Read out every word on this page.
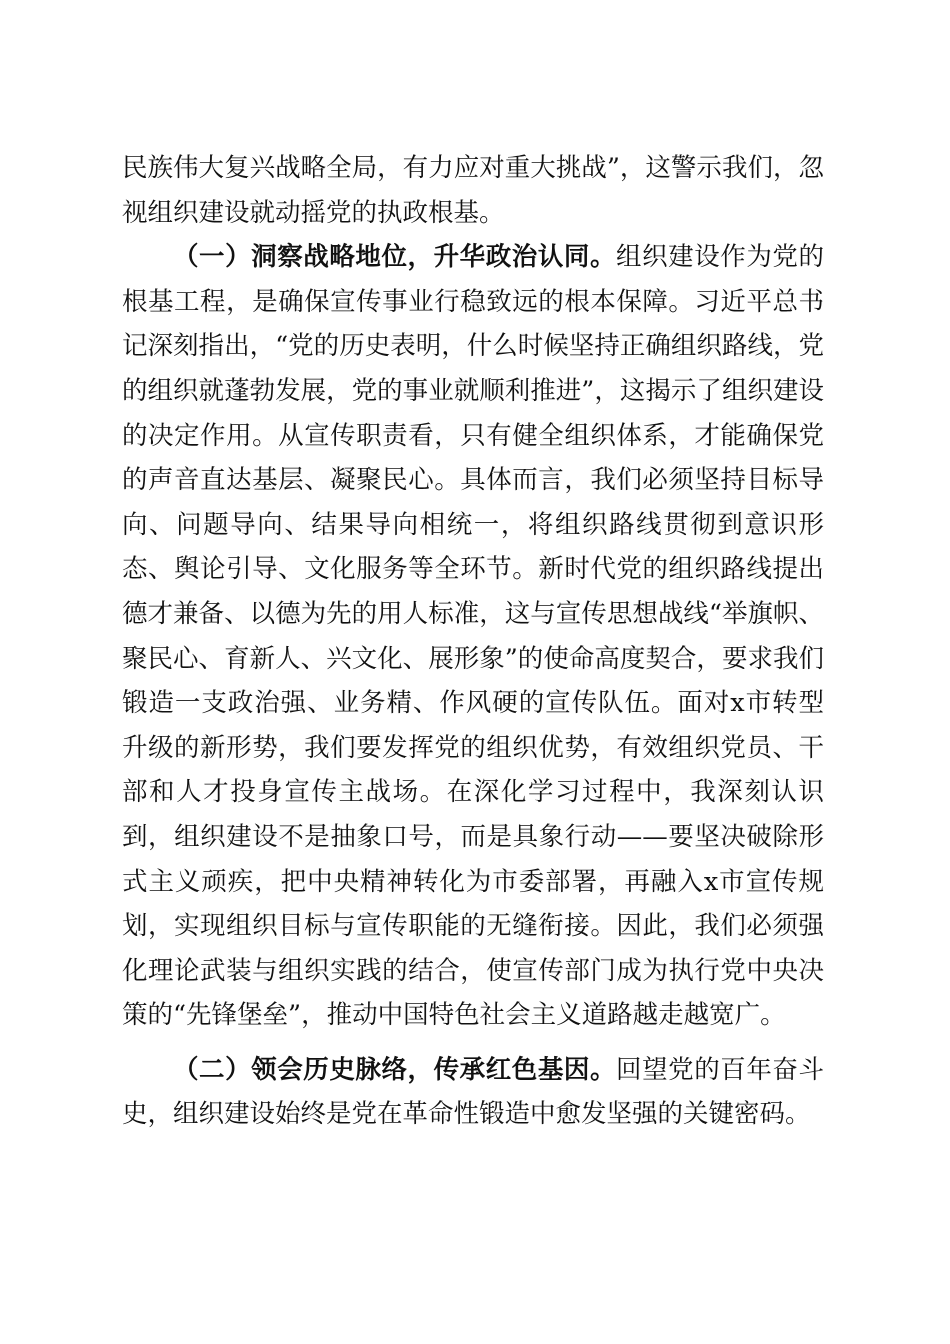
民族伟大复兴战略全局，有力应对重大挑战”，这警示我们，忽视组织建设就动摇党的执政根基。

（一）洞察战略地位，升华政治认同。组织建设作为党的根基工程，是确保宣传事业行稳致远的根本保障。习近平总书记深刻指出，“党的历史表明，什么时候坚持正确组织路线，党的组织就蓬勃发展，党的事业就顺利推进”，这揭示了组织建设的决定作用。从宣传职责看，只有健全组织体系，才能确保党的声音直达基层、凝聚民心。具体而言，我们必须坚持目标导向、问题导向、结果导向相统一，将组织路线贯彻到意识形态、舆论引导、文化服务等全环节。新时代党的组织路线提出德才兼备、以德为先的用人标准，这与宣传思想战线“举旗帜、聚民心、育新人、兴文化、展形象”的使命高度契合，要求我们锻造一支政治强、业务精、作风硬的宣传队伍。面对x市转型升级的新形势，我们要发挥党的组织优势，有效组织党员、干部和人才投身宣传主战场。在深化学习过程中，我深刻认识到，组织建设不是抽象口号，而是具象行动——要坚决破除形式主义顽疾，把中央精神转化为市委部署，再融入x市宣传规划，实现组织目标与宣传职能的无缝衔接。因此，我们必须强化理论武装与组织实践的结合，使宣传部门成为执行党中央决策的“先锋堡垒”，推动中国特色社会主义道路越走越宽广。

（二）领会历史脉络，传承红色基因。回望党的百年奋斗史，组织建设始终是党在革命性锻造中愈发坚强的关键密码。
